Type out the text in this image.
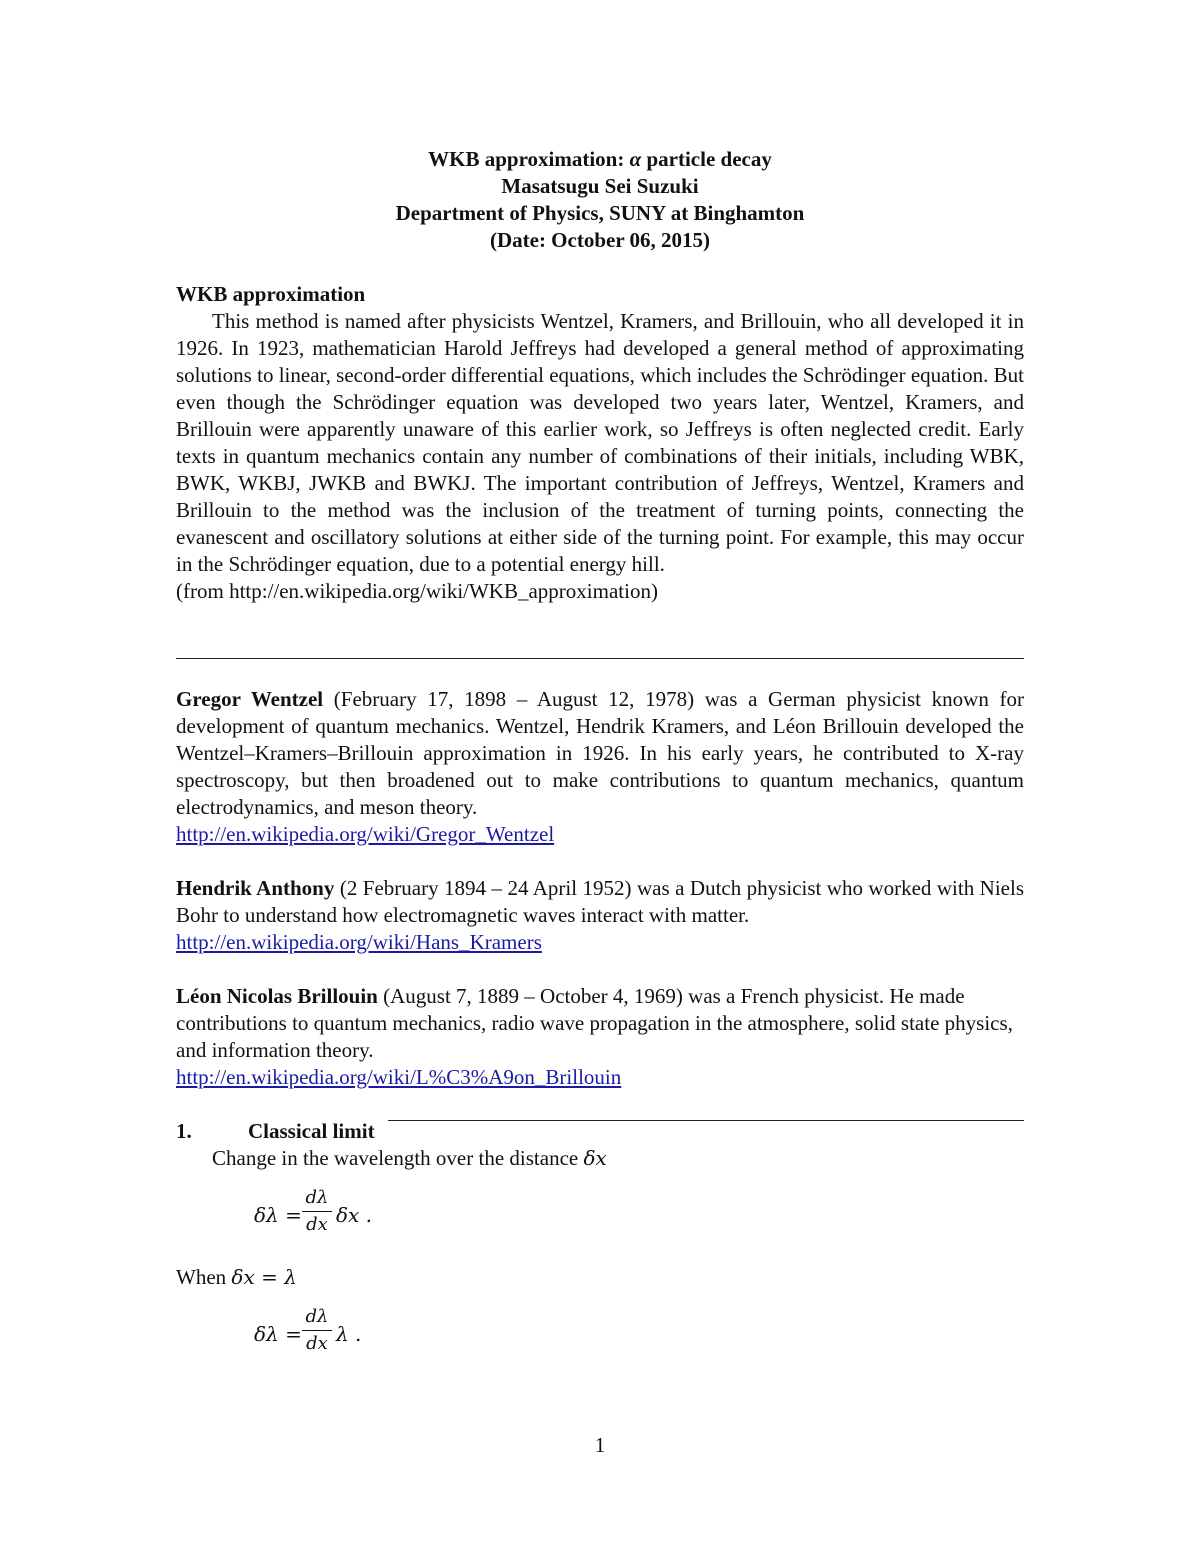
WKB approximation: α particle decay
Masatsugu Sei Suzuki
Department of Physics, SUNY at Binghamton
(Date: October 06, 2015)
WKB approximation
This method is named after physicists Wentzel, Kramers, and Brillouin, who all developed it in 1926. In 1923, mathematician Harold Jeffreys had developed a general method of approximating solutions to linear, second-order differential equations, which includes the Schrödinger equation. But even though the Schrödinger equation was developed two years later, Wentzel, Kramers, and Brillouin were apparently unaware of this earlier work, so Jeffreys is often neglected credit. Early texts in quantum mechanics contain any number of combinations of their initials, including WBK, BWK, WKBJ, JWKB and BWKJ. The important contribution of Jeffreys, Wentzel, Kramers and Brillouin to the method was the inclusion of the treatment of turning points, connecting the evanescent and oscillatory solutions at either side of the turning point. For example, this may occur in the Schrödinger equation, due to a potential energy hill.
(from http://en.wikipedia.org/wiki/WKB_approximation)
Gregor Wentzel (February 17, 1898 – August 12, 1978) was a German physicist known for development of quantum mechanics. Wentzel, Hendrik Kramers, and Léon Brillouin developed the Wentzel–Kramers–Brillouin approximation in 1926. In his early years, he contributed to X-ray spectroscopy, but then broadened out to make contributions to quantum mechanics, quantum electrodynamics, and meson theory.
http://en.wikipedia.org/wiki/Gregor_Wentzel
Hendrik Anthony (2 February 1894 – 24 April 1952) was a Dutch physicist who worked with Niels Bohr to understand how electromagnetic waves interact with matter.
http://en.wikipedia.org/wiki/Hans_Kramers
Léon Nicolas Brillouin (August 7, 1889 – October 4, 1969) was a French physicist. He made contributions to quantum mechanics, radio wave propagation in the atmosphere, solid state physics, and information theory.
http://en.wikipedia.org/wiki/L%C3%A9on_Brillouin
1.	Classical limit
Change in the wavelength over the distance δx
δλ =
dλ
dx δx .
When δx = λ
δλ =
dλ
dx λ .
1
